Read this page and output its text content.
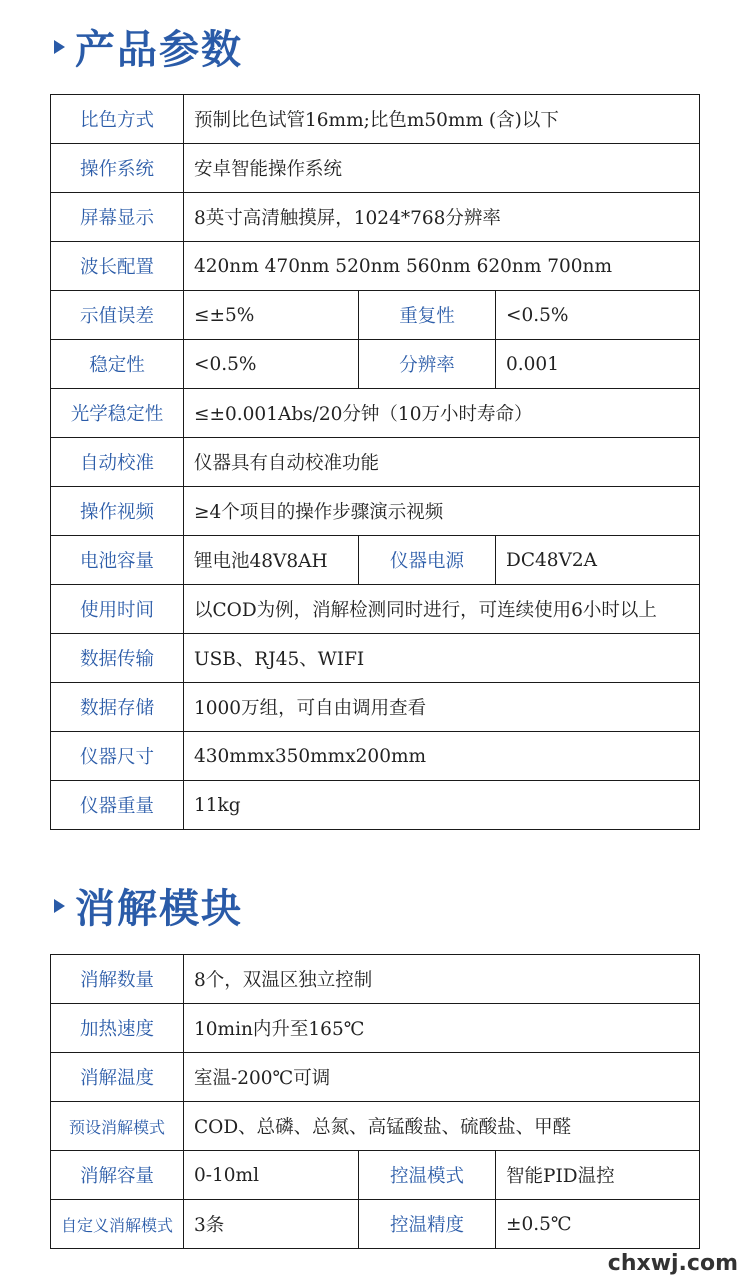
产品参数
比色方式	预制比色试管16mm;比色m50mm (含)以下		
操作系统	安卓智能操作系统		
屏幕显示	8英寸高清触摸屏，1024*768分辨率		
波长配置	420nm 470nm 520nm 560nm 620nm 700nm		
示值误差	≤±5%	重复性	<0.5%
稳定性	<0.5%	分辨率	0.001
光学稳定性	≤±0.001Abs/20分钟（10万小时寿命）		
自动校准	仪器具有自动校准功能		
操作视频	≥4个项目的操作步骤演示视频		
电池容量	锂电池48V8AH	仪器电源	DC48V2A
使用时间	以COD为例，消解检测同时进行，可连续使用6小时以上		
数据传输	USB、RJ45、WIFI		
数据存储	1000万组，可自由调用查看		
仪器尺寸	430mmx350mmx200mm		
仪器重量	11kg		
消解模块
消解数量	8个，双温区独立控制		
加热速度	10min内升至165℃		
消解温度	室温-200℃可调		
预设消解模式	COD、总磷、总氮、高锰酸盐、硫酸盐、甲醛		
消解容量	0-10ml	控温模式	智能PID温控
自定义消解模式	3条	控温精度	±0.5℃
chxwj.com
